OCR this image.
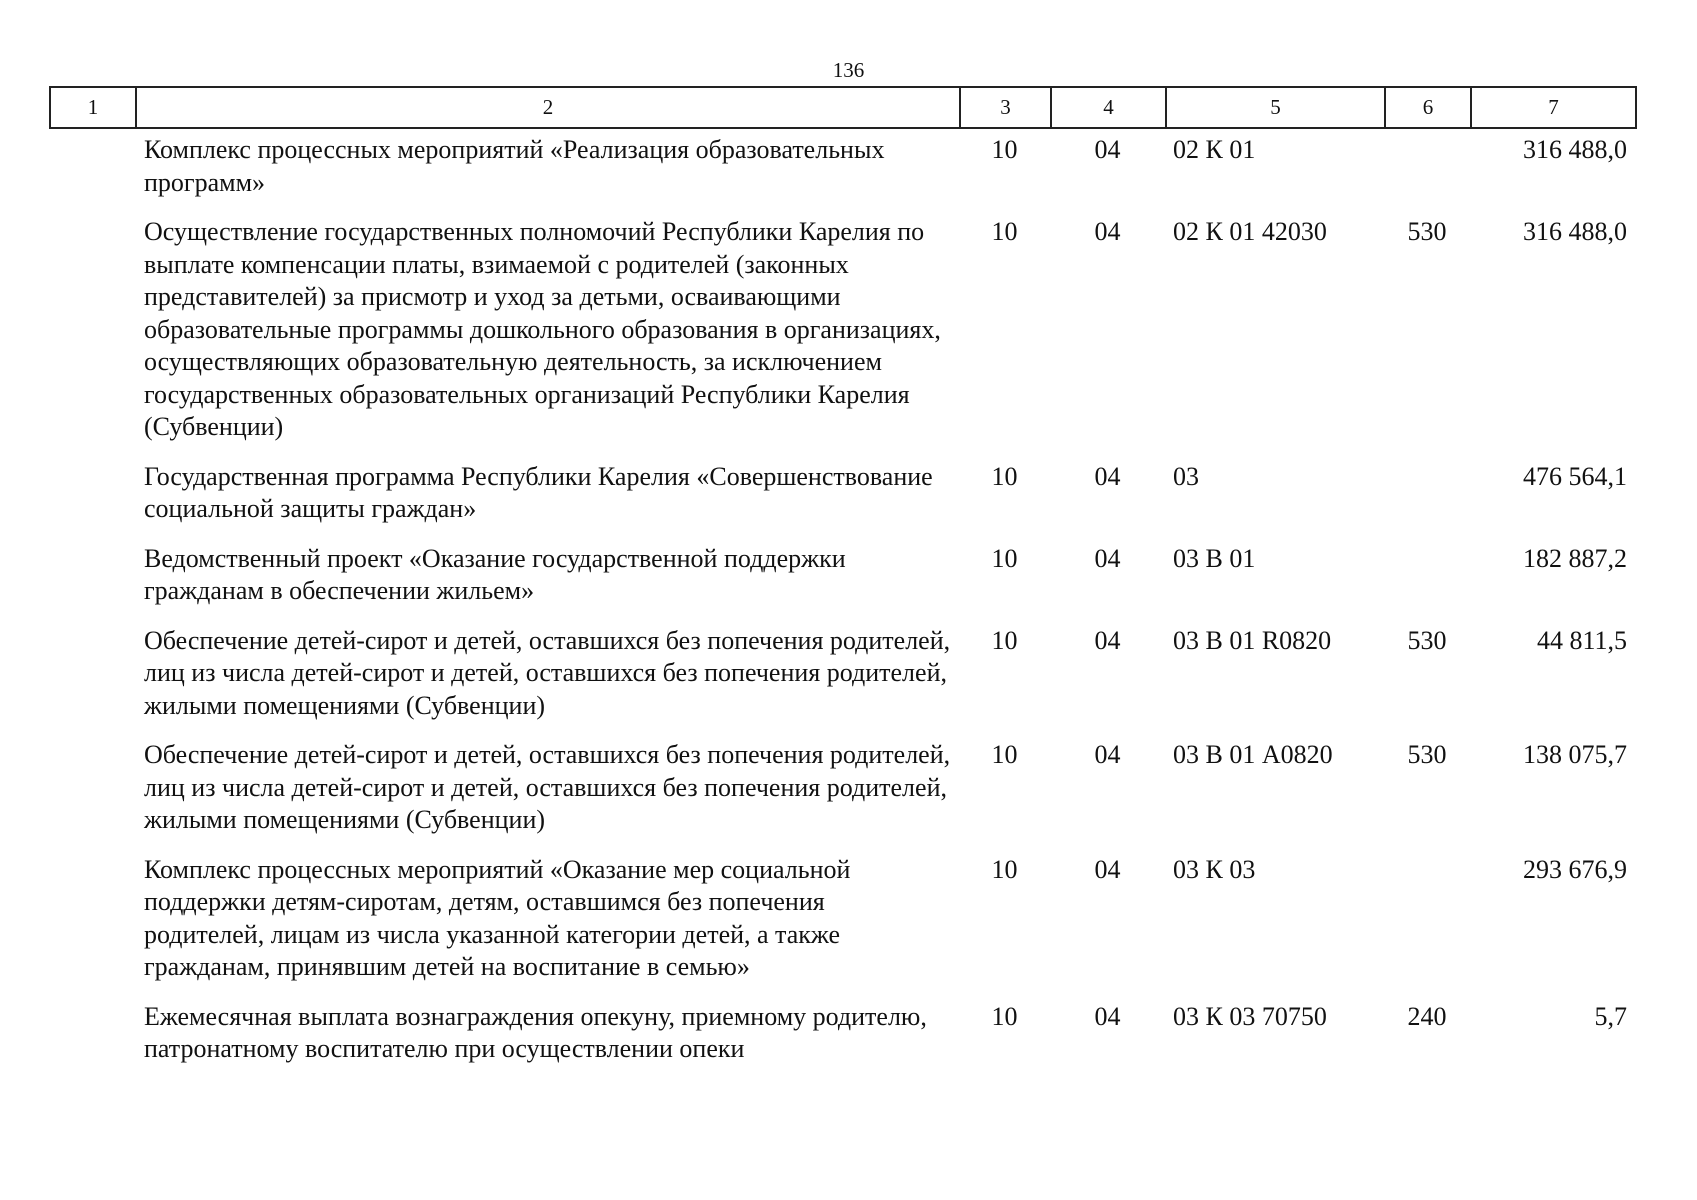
136
1	2	3	4	5	6	7
Комплекс процессных мероприятий «Реализация образовательных программ»	10	04	02 К 01		316 488,0
Осуществление государственных полномочий Республики Карелия по выплате компенсации платы, взимаемой с родителей (законных представителей) за присмотр и уход за детьми, осваивающими образовательные программы дошкольного образования в организациях, осуществляющих образовательную деятельность, за исключением государственных образовательных организаций Республики Карелия (Субвенции)	10	04	02 К 01 42030	530	316 488,0
Государственная программа Республики Карелия «Совершенствование социальной защиты граждан»	10	04	03		476 564,1
Ведомственный проект «Оказание государственной поддержки гражданам в обеспечении жильем»	10	04	03 В 01		182 887,2
Обеспечение детей-сирот и детей, оставшихся без попечения родителей, лиц из числа детей-сирот и детей, оставшихся без попечения родителей, жилыми помещениями (Субвенции)	10	04	03 В 01 R0820	530	44 811,5
Обеспечение детей-сирот и детей, оставшихся без попечения родителей, лиц из числа детей-сирот и детей, оставшихся без попечения родителей, жилыми помещениями (Субвенции)	10	04	03 В 01 А0820	530	138 075,7
Комплекс процессных мероприятий «Оказание мер социальной поддержки детям-сиротам, детям, оставшимся без попечения родителей, лицам из числа указанной категории детей, а также гражданам, принявшим детей на воспитание в семью»	10	04	03 К 03		293 676,9
Ежемесячная выплата вознаграждения опекуну, приемному родителю, патронатному воспитателю при осуществлении опеки	10	04	03 К 03 70750	240	5,7
